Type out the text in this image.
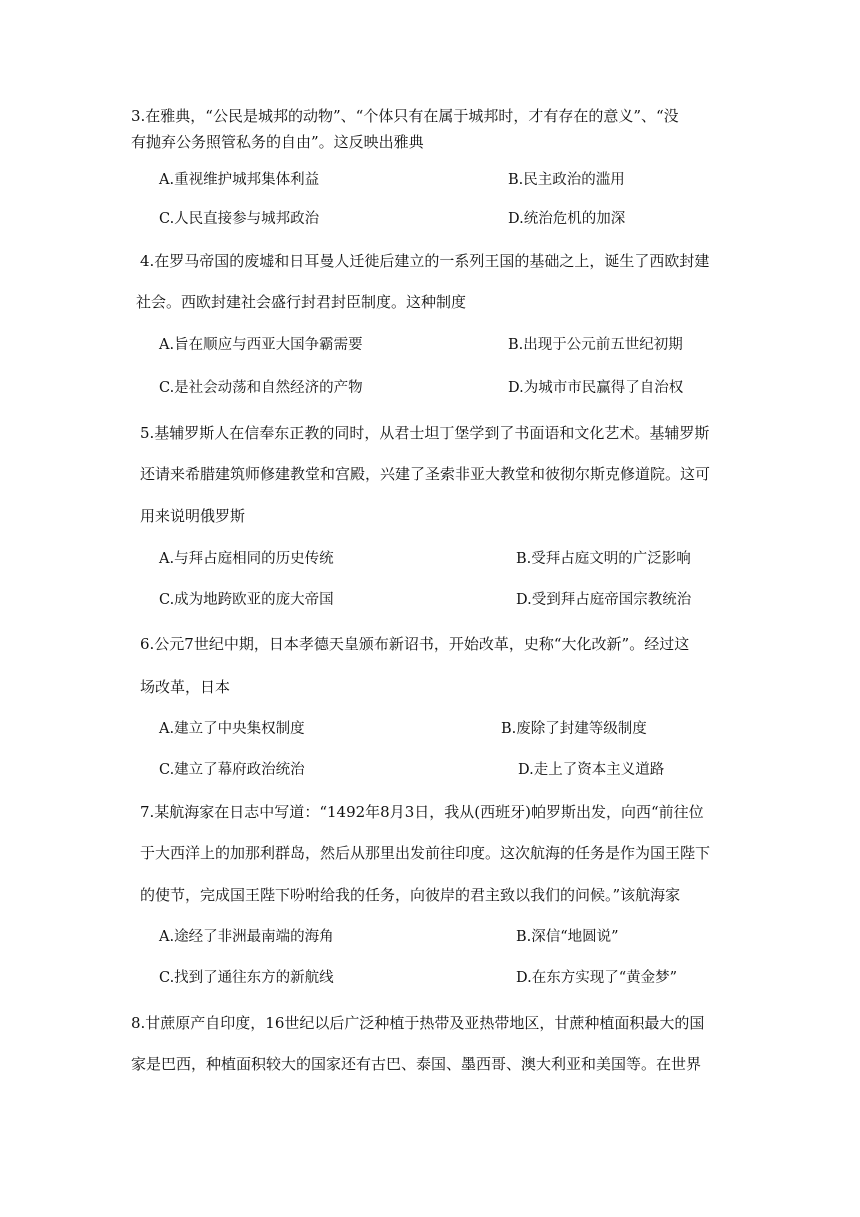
3.在雅典，“公民是城邦的动物”、“个体只有在属于城邦时，才有存在的意义”、“没
有抛弃公务照管私务的自由”。这反映出雅典
A.重视维护城邦集体利益	B.民主政治的滥用
C.人民直接参与城邦政治	D.统治危机的加深
4.在罗马帝国的废墟和日耳曼人迁徙后建立的一系列王国的基础之上，诞生了西欧封建
社会。西欧封建社会盛行封君封臣制度。这种制度
A.旨在顺应与西亚大国争霸需要	B.出现于公元前五世纪初期
C.是社会动荡和自然经济的产物	D.为城市市民赢得了自治权
5.基辅罗斯人在信奉东正教的同时，从君士坦丁堡学到了书面语和文化艺术。基辅罗斯
还请来希腊建筑师修建教堂和宫殿，兴建了圣索非亚大教堂和彼彻尔斯克修道院。这可
用来说明俄罗斯
A.与拜占庭相同的历史传统	B.受拜占庭文明的广泛影响
C.成为地跨欧亚的庞大帝国	D.受到拜占庭帝国宗教统治
6.公元7世纪中期，日本孝德天皇颁布新诏书，开始改革，史称“大化改新”。经过这
场改革，日本
A.建立了中央集权制度	B.废除了封建等级制度
C.建立了幕府政治统治	D.走上了资本主义道路
7.某航海家在日志中写道：“1492年8月3日，我从(西班牙)帕罗斯出发，向西“前往位
于大西洋上的加那利群岛，然后从那里出发前往印度。这次航海的任务是作为国王陛下
的使节，完成国王陛下吩咐给我的任务，向彼岸的君主致以我们的问候。”该航海家
A.途经了非洲最南端的海角	B.深信“地圆说”
C.找到了通往东方的新航线	D.在东方实现了“黄金梦”
8.甘蔗原产自印度，16世纪以后广泛种植于热带及亚热带地区，甘蔗种植面积最大的国
家是巴西，种植面积较大的国家还有古巴、泰国、墨西哥、澳大利亚和美国等。在世界
